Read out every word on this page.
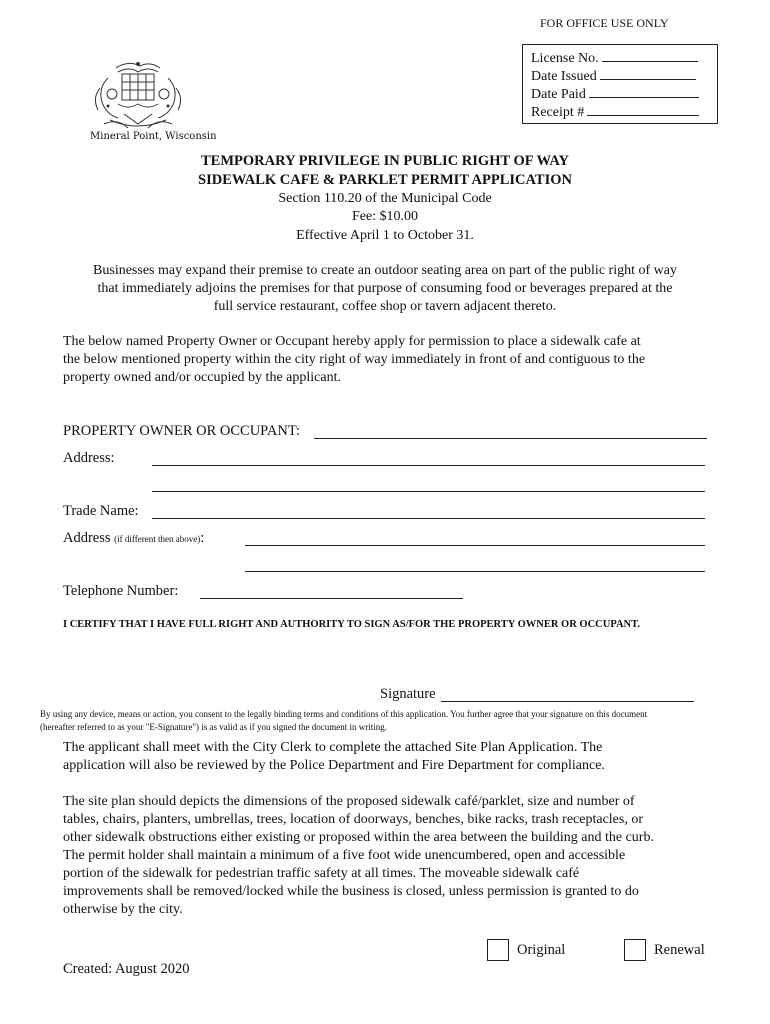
FOR OFFICE USE ONLY
License No.
Date Issued
Date Paid
Receipt #
Mineral Point, Wisconsin
TEMPORARY PRIVILEGE IN PUBLIC RIGHT OF WAY
SIDEWALK CAFE & PARKLET PERMIT APPLICATION
Section 110.20 of the Municipal Code
Fee: $10.00
Effective April 1 to October 31.
Businesses may expand their premise to create an outdoor seating area on part of the public right of way
that immediately adjoins the premises for that purpose of consuming food or beverages prepared at the
full service restaurant, coffee shop or tavern adjacent thereto.
The below named Property Owner or Occupant hereby apply for permission to place a sidewalk cafe at
the below mentioned property within the city right of way immediately in front of and contiguous to the
property owned and/or occupied by the applicant.
PROPERTY OWNER OR OCCUPANT:
Address:
Trade Name:
Address (if different then above):
Telephone Number:
I CERTIFY THAT I HAVE FULL RIGHT AND AUTHORITY TO SIGN AS/FOR THE PROPERTY OWNER OR OCCUPANT.
Signature
By using any device, means or action, you consent to the legally binding terms and conditions of this application. You further agree that your signature on this document
(hereafter referred to as your "E-Signature") is as valid as if you signed the document in writing.
The applicant shall meet with the City Clerk to complete the attached Site Plan Application. The
application will also be reviewed by the Police Department and Fire Department for compliance.
The site plan should depicts the dimensions of the proposed sidewalk café/parklet, size and number of
tables, chairs, planters, umbrellas, trees, location of doorways, benches, bike racks, trash receptacles, or
other sidewalk obstructions either existing or proposed within the area between the building and the curb.
The permit holder shall maintain a minimum of a five foot wide unencumbered, open and accessible
portion of the sidewalk for pedestrian traffic safety at all times. The moveable sidewalk café
improvements shall be removed/locked while the business is closed, unless permission is granted to do
otherwise by the city.
Original	Renewal
Created: August 2020
